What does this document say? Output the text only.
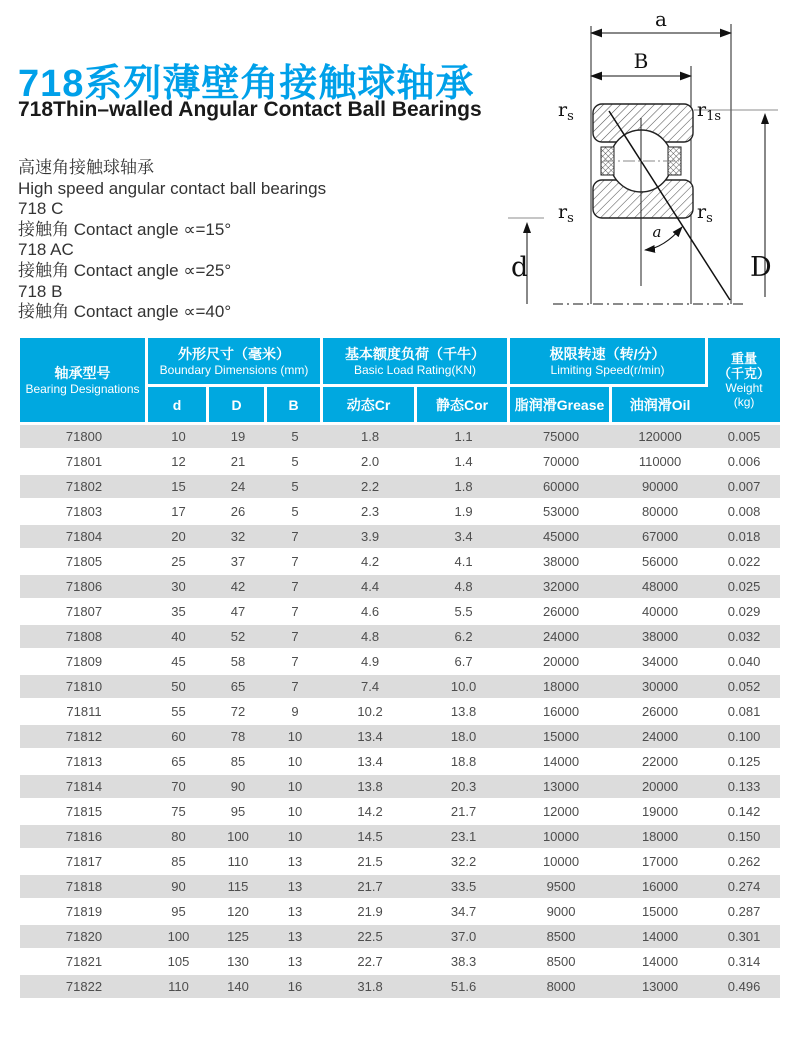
718系列薄壁角接触球轴承
718Thin–walled Angular Contact Ball Bearings
高速角接触球轴承
High speed angular contact ball bearings
718 C
接触角 Contact angle ∝=15°
718 AC
接触角 Contact angle ∝=25°
718 B
接触角 Contact angle ∝=40°
a
B
a
$r_s$	$r_{1s}$
$r_s$	$r_s$
d	D
轴承型号
Bearing Designations

外形尺寸（毫米）
Boundary Dimensions (mm)

基本额度负荷（千牛）
Basic Load Rating(KN)

极限转速（转/分）
Limiting Speed(r/min)

重量
（千克）
Weight
(kg)

	d	D	B	动态Cr	静态Cor	脂润滑Grease	油润滑Oil	
71800	10	19	5	1.8	1.1	75000	120000	0.005
71801	12	21	5	2.0	1.4	70000	110000	0.006
71802	15	24	5	2.2	1.8	60000	90000	0.007
71803	17	26	5	2.3	1.9	53000	80000	0.008
71804	20	32	7	3.9	3.4	45000	67000	0.018
71805	25	37	7	4.2	4.1	38000	56000	0.022
71806	30	42	7	4.4	4.8	32000	48000	0.025
71807	35	47	7	4.6	5.5	26000	40000	0.029
71808	40	52	7	4.8	6.2	24000	38000	0.032
71809	45	58	7	4.9	6.7	20000	34000	0.040
71810	50	65	7	7.4	10.0	18000	30000	0.052
71811	55	72	9	10.2	13.8	16000	26000	0.081
71812	60	78	10	13.4	18.0	15000	24000	0.100
71813	65	85	10	13.4	18.8	14000	22000	0.125
71814	70	90	10	13.8	20.3	13000	20000	0.133
71815	75	95	10	14.2	21.7	12000	19000	0.142
71816	80	100	10	14.5	23.1	10000	18000	0.150
71817	85	110	13	21.5	32.2	10000	17000	0.262
71818	90	115	13	21.7	33.5	9500	16000	0.274
71819	95	120	13	21.9	34.7	9000	15000	0.287
71820	100	125	13	22.5	37.0	8500	14000	0.301
71821	105	130	13	22.7	38.3	8500	14000	0.314
71822	110	140	16	31.8	51.6	8000	13000	0.496
